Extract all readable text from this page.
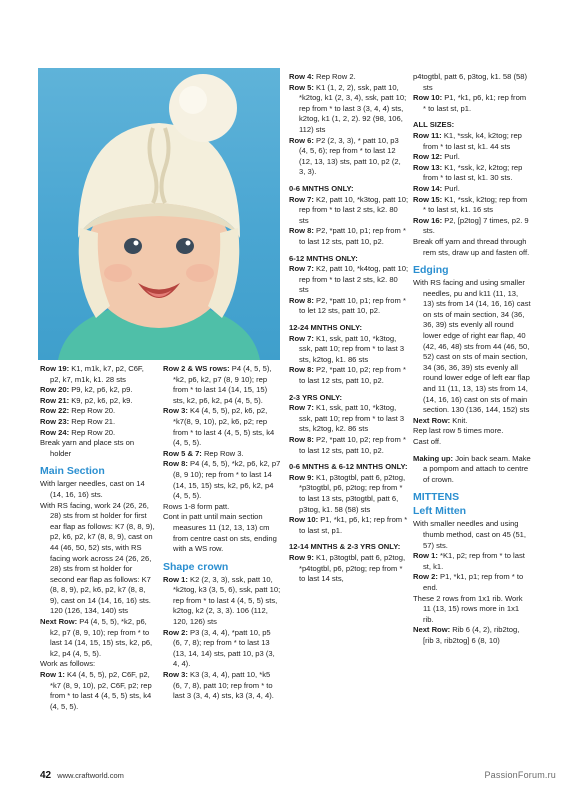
Row 19: K1, m1k, k7, p2, C6F, p2, k7, m1k, k1. 28 sts

Row 20: P9, k2, p6, k2, p9.

Row 21: K9, p2, k6, p2, k9.

Row 22: Rep Row 20.

Row 23: Rep Row 21.

Row 24: Rep Row 20.

Break yarn and place sts on holder

Main Section

With larger needles, cast on 14 (14, 16, 16) sts.

With RS facing, work 24 (26, 26, 28) sts from st holder for first ear flap as follows: K7 (8, 8, 9), p2, k6, p2, k7 (8, 8, 9), cast on 44 (46, 50, 52) sts, with RS facing work across 24 (26, 26, 28) sts from st holder for second ear flap as follows: K7 (8, 8, 9), p2, k6, p2, k7 (8, 8, 9), cast on 14 (14, 16, 16) sts. 120 (126, 134, 140) sts

Next Row: P4 (4, 5, 5), *k2, p6, k2, p7 (8, 9, 10); rep from * to last 14 (14, 15, 15) sts, k2, p6, k2, p4 (4, 5, 5).

Work as follows:

Row 1: K4 (4, 5, 5), p2, C6F, p2, *k7 (8, 9, 10), p2, C6F, p2; rep from * to last 4 (4, 5, 5) sts, k4 (4, 5, 5).

Row 2 & WS rows: P4 (4, 5, 5), *k2, p6, k2, p7 (8, 9 10); rep from * to last 14 (14, 15, 15) sts, k2, p6, k2, p4 (4, 5, 5).

Row 3: K4 (4, 5, 5), p2, k6, p2, *k7(8, 9, 10), p2, k6, p2; rep from * to last 4 (4, 5, 5) sts, k4 (4, 5, 5).

Row 5 & 7: Rep Row 3.

Row 8: P4 (4, 5, 5), *k2, p6, k2, p7 (8, 9 10); rep from * to last 14 (14, 15, 15) sts, k2, p6, k2, p4 (4, 5, 5).

Rows 1-8 form patt.

Cont in patt until main section measures 11 (12, 13, 13) cm from centre cast on sts, ending with a WS row.

Shape crown

Row 1: K2 (2, 3, 3), ssk, patt 10, *k2tog, k3 (3, 5, 6), ssk, patt 10; rep from * to last 4 (4, 5, 5) sts, k2tog, k2 (2, 3, 3). 106 (112, 120, 126) sts

Row 2: P3 (3, 4, 4), *patt 10, p5 (6, 7, 8); rep from * to last 13 (13, 14, 14) sts, patt 10, p3 (3, 4, 4).

Row 3: K3 (3, 4, 4), patt 10, *k5 (6, 7, 8), patt 10; rep from * to last 3 (3, 4, 4) sts, k3 (3, 4, 4).

Row 4: Rep Row 2.

Row 5: K1 (1, 2, 2), ssk, patt 10, *k2tog, k1 (2, 3, 4), ssk, patt 10; rep from * to last 3 (3, 4, 4) sts, k2tog, k1 (1, 2, 2). 92 (98, 106, 112) sts

Row 6: P2 (2, 3, 3), * patt 10, p3 (4, 5, 6); rep from * to last 12 (12, 13, 13) sts, patt 10, p2 (2, 3, 3).

0-6 MNTHS ONLY:

Row 7: K2, patt 10, *k3tog, patt 10; rep from * to last 2 sts, k2. 80 sts

Row 8: P2, *patt 10, p1; rep from * to last 12 sts, patt 10, p2.

6-12 MNTHS ONLY:

Row 7: K2, patt 10, *k4tog, patt 10; rep from * to last 2 sts, k2. 80 sts

Row 8: P2, *patt 10, p1; rep from * to let 12 sts, patt 10, p2.

12-24 MNTHS ONLY:

Row 7: K1, ssk, patt 10, *k3tog, ssk, patt 10; rep from * to last 3 sts, k2tog, k1. 86 sts

Row 8: P2, *patt 10, p2; rep from * to last 12 sts, patt 10, p2.

2-3 YRS ONLY:

Row 7: K1, ssk, patt 10, *k3tog, ssk, patt 10; rep from * to last 3 sts, k2tog, k2. 86 sts

Row 8: P2, *patt 10, p2; rep from * to last 12 sts, patt 10, p2.

0-6 MNTHS & 6-12 MNTHS ONLY:

Row 9: K1, p3togtbl, patt 6, p2tog, *p3togtbl, p6, p2tog; rep from * to last 13 sts, p3togtbl, patt 6, p3tog, k1. 58 (58) sts

Row 10: P1, *k1, p6, k1; rep from * to last st, p1.

12-14 MNTHS & 2-3 YRS ONLY:

Row 9: K1, p3togtbl, patt 6, p2tog, *p4togtbl, p6, p2tog; rep from * to last 14 sts,

p4togtbl, patt 6, p3tog, k1. 58 (58) sts

Row 10: P1, *k1, p6, k1; rep from * to last st, p1.

ALL SIZES:

Row 11: K1, *ssk, k4, k2tog; rep from * to last st, k1. 44 sts

Row 12: Purl.

Row 13: K1, *ssk, k2, k2tog; rep from * to last st, k1. 30 sts.

Row 14: Purl.

Row 15: K1, *ssk, k2tog; rep from * to last st, k1. 16 sts

Row 16: P2, [p2tog] 7 times, p2. 9 sts.

Break off yarn and thread through rem sts, draw up and fasten off.

Edging

With RS facing and using smaller needles, pu and k11 (11, 13, 13) sts from 14 (14, 16, 16) cast on sts of main section, 34 (36, 36, 39) sts evenly all round lower edge of right ear flap, 40 (42, 46, 48) sts from 44 (46, 50, 52) cast on sts of main section, 34 (36, 36, 39) sts evenly all round lower edge of left ear flap and 11 (11, 13, 13) sts from 14, (14, 16, 16) cast on sts of main section. 130 (136, 144, 152) sts

Next Row: Knit.

Rep last row 5 times more.

Cast off.

Making up: Join back seam. Make a pompom and attach to centre of crown.

MITTENS
Left Mitten

With smaller needles and using thumb method, cast on 45 (51, 57) sts.

Row 1: *K1, p2; rep from * to last st, k1.

Row 2: P1, *k1, p1; rep from * to end.

These 2 rows from 1x1 rib. Work 11 (13, 15) rows more in 1x1 rib.

Next Row: Rib 6 (4, 2), rib2tog, [rib 3, rib2tog] 6 (8, 10)

42 www.craftworld.com	PassionForum.ru
